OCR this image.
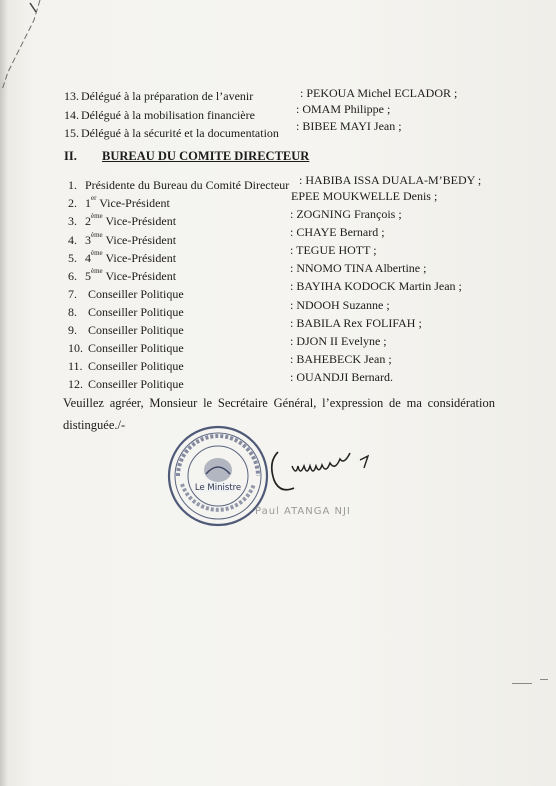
13. Délégué à la préparation de l’avenir	: PEKOUA Michel ECLADOR ;
14. Délégué à la mobilisation financière	: OMAM Philippe ;
15. Délégué à la sécurité et la documentation : BIBEE MAYI Jean ;
II. BUREAU DU COMITE DIRECTEUR
1. Présidente du Bureau du Comité Directeur : HABIBA ISSA DUALA-M’BEDY ;
2. 1er Vice-Président	EPEE MOUKWELLE Denis ;
3. 2ème Vice-Président	: ZOGNING François ;
4. 3ème Vice-Président
: CHAYE Bernard ;
5. 4ème Vice-Président
: TEGUE HOTT ;
6. 5ème Vice-Président
: NNOMO TINA Albertine ;
7. Conseiller Politique
: BAYIHA KODOCK Martin Jean ;
8. Conseiller Politique	: NDOOH Suzanne ;
9. Conseiller Politique	: BABILA Rex FOLIFAH ;
10. Conseiller Politique	: DJON II Evelyne ;
11. Conseiller Politique	: BAHEBECK Jean ;
12. Conseiller Politique	: OUANDJI Bernard.
Veuillez agréer, Monsieur le Secrétaire Général, l’expression de ma considération distinguée./-
Le Ministre
Paul ATANGA NJI
